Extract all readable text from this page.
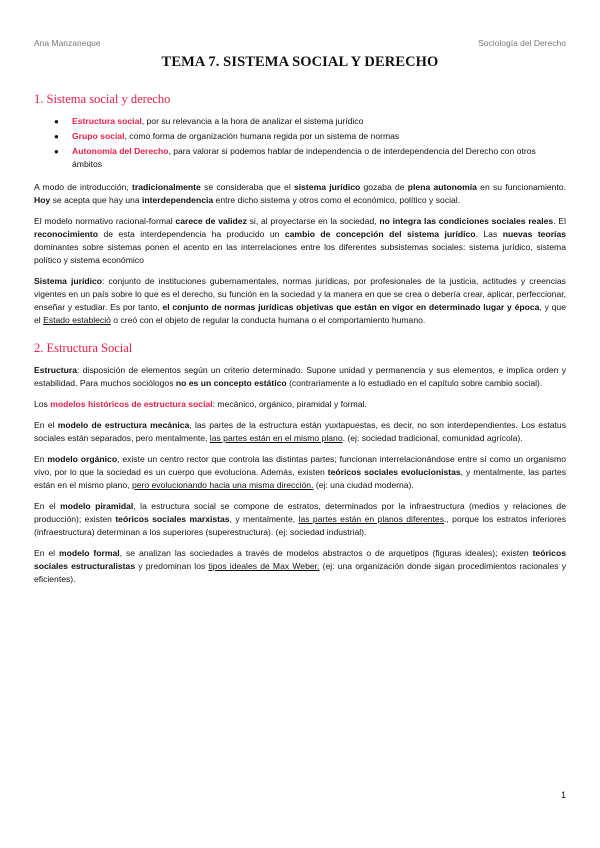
Ana Manzaneque	Sociología del Derecho
TEMA 7. SISTEMA SOCIAL Y DERECHO
1. Sistema social y derecho
● Estructura social, por su relevancia a la hora de analizar el sistema jurídico
● Grupo social, como forma de organización humana regida por un sistema de normas
● Autonomía del Derecho, para valorar si podemos hablar de independencia o de interdependencia del Derecho con otros ámbitos

A modo de introducción, tradicionalmente se consideraba que el sistema jurídico gozaba de plena autonomía en su funcionamiento. Hoy se acepta que hay una interdependencia entre dicho sistema y otros como el económico, político y social.

El modelo normativo racional-formal carece de validez si, al proyectarse en la sociedad, no integra las condiciones sociales reales. El reconocimiento de esta interdependencia ha producido un cambio de concepción del sistema jurídico. Las nuevas teorías dominantes sobre sistemas ponen el acento en las interrelaciones entre los diferentes subsistemas sociales: sistema jurídico, sistema político y sistema económico

Sistema jurídico: conjunto de instituciones gubernamentales, normas jurídicas, por profesionales de la justicia, actitudes y creencias vigentes en un país sobre lo que es el derecho, su función en la sociedad y la manera en que se crea o debería crear, aplicar, perfeccionar, enseñar y estudiar. Es por tanto, el conjunto de normas jurídicas objetivas que están en vigor en determinado lugar y época, y que el Estado estableció o creó con el objeto de regular la conducta humana o el comportamiento humano.

2. Estructura Social

Estructura: disposición de elementos según un criterio determinado. Supone unidad y permanencia y sus elementos, e implica orden y estabilidad. Para muchos sociólogos no es un concepto estático (contrariamente a lo estudiado en el capítulo sobre cambio social).

Los modelos históricos de estructura social: mecánico, orgánico, piramidal y formal.

En el modelo de estructura mecánica, las partes de la estructura están yuxtapuestas, es decir, no son interdependientes. Los estatus sociales están separados, pero mentalmente, las partes están en el mismo plano. (ej: sociedad tradicional, comunidad agrícola).

En modelo orgánico, existe un centro rector que controla las distintas partes; funcionan interrelacionándose entre sí como un organismo vivo, por lo que la sociedad es un cuerpo que evoluciona. Además, existen teóricos sociales evolucionistas, y mentalmente, las partes están en el mismo plano, pero evolucionando hacia una misma dirección. (ej: una ciudad moderna).

En el modelo piramidal, la estructura social se compone de estratos, determinados por la infraestructura (medios y relaciones de producción); existen teóricos sociales marxistas, y mentalmente, las partes están en planos diferentes., porque los estratos inferiores (infraestructura) determinan a los superiores (superestructura). (ej: sociedad industrial).

En el modelo formal, se analizan las sociedades a través de modelos abstractos o de arquetipos (figuras ideales); existen teóricos sociales estructuralistas y predominan los tipos ideales de Max Weber. (ej: una organización donde sigan procedimientos racionales y eficientes).

1
